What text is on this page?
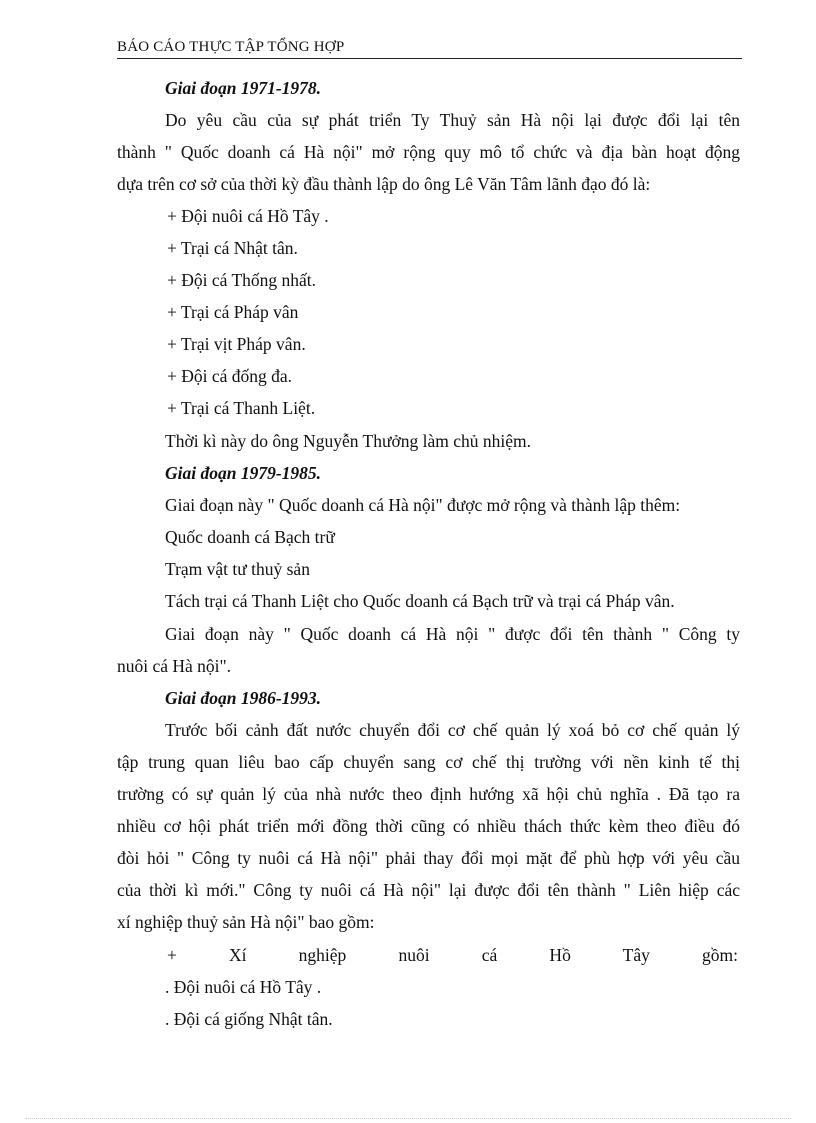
BÁO CÁO THỰC TẬP TỔNG HỢP
Giai đoạn 1971-1978.
Do yêu cầu của sự phát triển Ty Thuỷ sản Hà nội lại được đổi lại tên
thành " Quốc doanh cá Hà nội" mở rộng quy mô tổ chức và địa bàn hoạt động
dựa trên cơ sở của thời kỳ đầu thành lập do ông Lê Văn Tâm lãnh đạo đó là:
+ Đội nuôi cá Hồ Tây .
+ Trại cá Nhật tân.
+ Đội cá Thống nhất.
+ Trại cá Pháp vân
+ Trại vịt Pháp vân.
+ Đội cá đống đa.
+ Trại cá Thanh Liệt.
Thời kì này do ông Nguyễn Thưởng làm chủ nhiệm.
Giai đoạn 1979-1985.
Giai đoạn này " Quốc doanh cá Hà nội" được mở rộng và thành lập thêm:
Quốc doanh cá Bạch trữ
Trạm vật tư thuỷ sản
Tách trại cá Thanh Liệt cho Quốc doanh cá Bạch trữ và trại cá Pháp vân.
Giai đoạn này " Quốc doanh cá Hà nội " được đổi tên thành " Công ty
nuôi cá Hà nội".
Giai đoạn 1986-1993.
Trước bối cảnh đất nước chuyển đổi cơ chế quản lý xoá bỏ cơ chế quản lý
tập trung quan liêu bao cấp chuyển sang cơ chế thị trường với nền kinh tế thị
trường có sự quản lý của nhà nước theo định hướng xã hội chủ nghĩa . Đã tạo ra
nhiều cơ hội phát triển mới đồng thời cũng có nhiều thách thức kèm theo điều đó
đòi hỏi " Công ty nuôi cá Hà nội" phải thay đổi mọi mặt để phù hợp với yêu cầu
của thời kì mới." Công ty nuôi cá Hà nội" lại được đổi tên thành " Liên hiệp các
xí nghiệp thuỷ sản Hà nội" bao gồm:
+ Xí nghiệp nuôi cá Hồ Tây gồm:
. Đội nuôi cá Hồ Tây .
. Đội cá giống Nhật tân.
